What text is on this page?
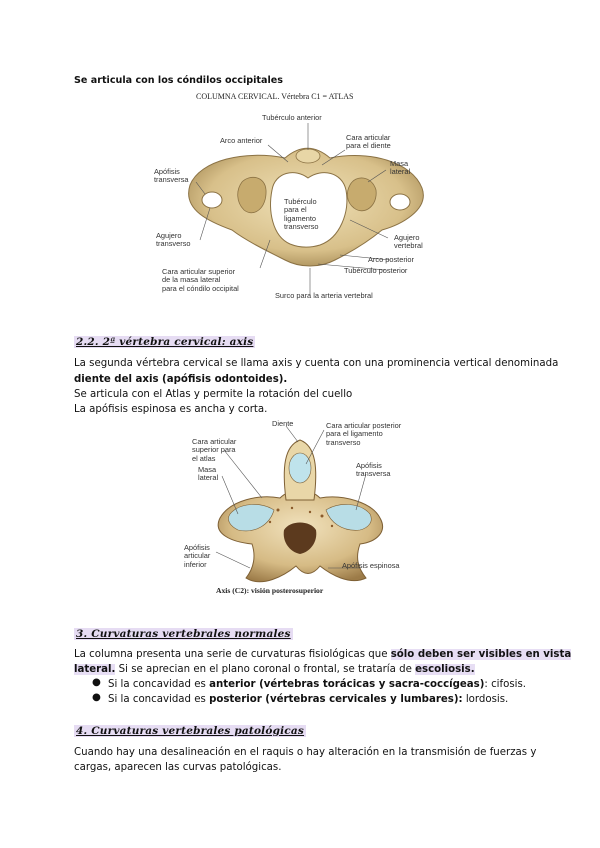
Se articula con los cóndilos occipitales
COLUMNA CERVICAL. Vértebra C1 = ATLAS
Tubérculo anterior
Arco anterior	Cara articular
para el diente
Masa
lateral
Apófisis
transversa
Tubérculo
para el
ligamento
transverso
Agujero
transverso
Agujero
vertebral
Arco posterior
Tubérculo posterior
Cara articular superior
de la masa lateral
para el cóndilo occipital
Surco para la arteria vertebral
2.2. 2ª vértebra cervical: axis
La segunda vértebra cervical se llama axis y cuenta con una prominencia vertical denominada
diente del axis (apófisis odontoides).
Se articula con el Atlas y permite la rotación del cuello
La apófisis espinosa es ancha y corta.
Diente	Cara articular posterior
para el ligamento
transverso
Cara articular
superior para
el atlas
Masa
lateral
Apófisis
transversa
Apófisis
articular
inferior	Apófisis espinosa
Axis (C2): visión posterosuperior
3. Curvaturas vertebrales normales
La columna presenta una serie de curvaturas fisiológicas que sólo deben ser visibles en vista
lateral. Si se aprecian en el plano coronal o frontal, se trataría de escoliosis.
● Si la concavidad es anterior (vértebras torácicas y sacra-coccígeas): cifosis.
● Si la concavidad es posterior (vértebras cervicales y lumbares): lordosis.
4. Curvaturas vertebrales patológicas
Cuando hay una desalineación en el raquis o hay alteración en la transmisión de fuerzas y
cargas, aparecen las curvas patológicas.
